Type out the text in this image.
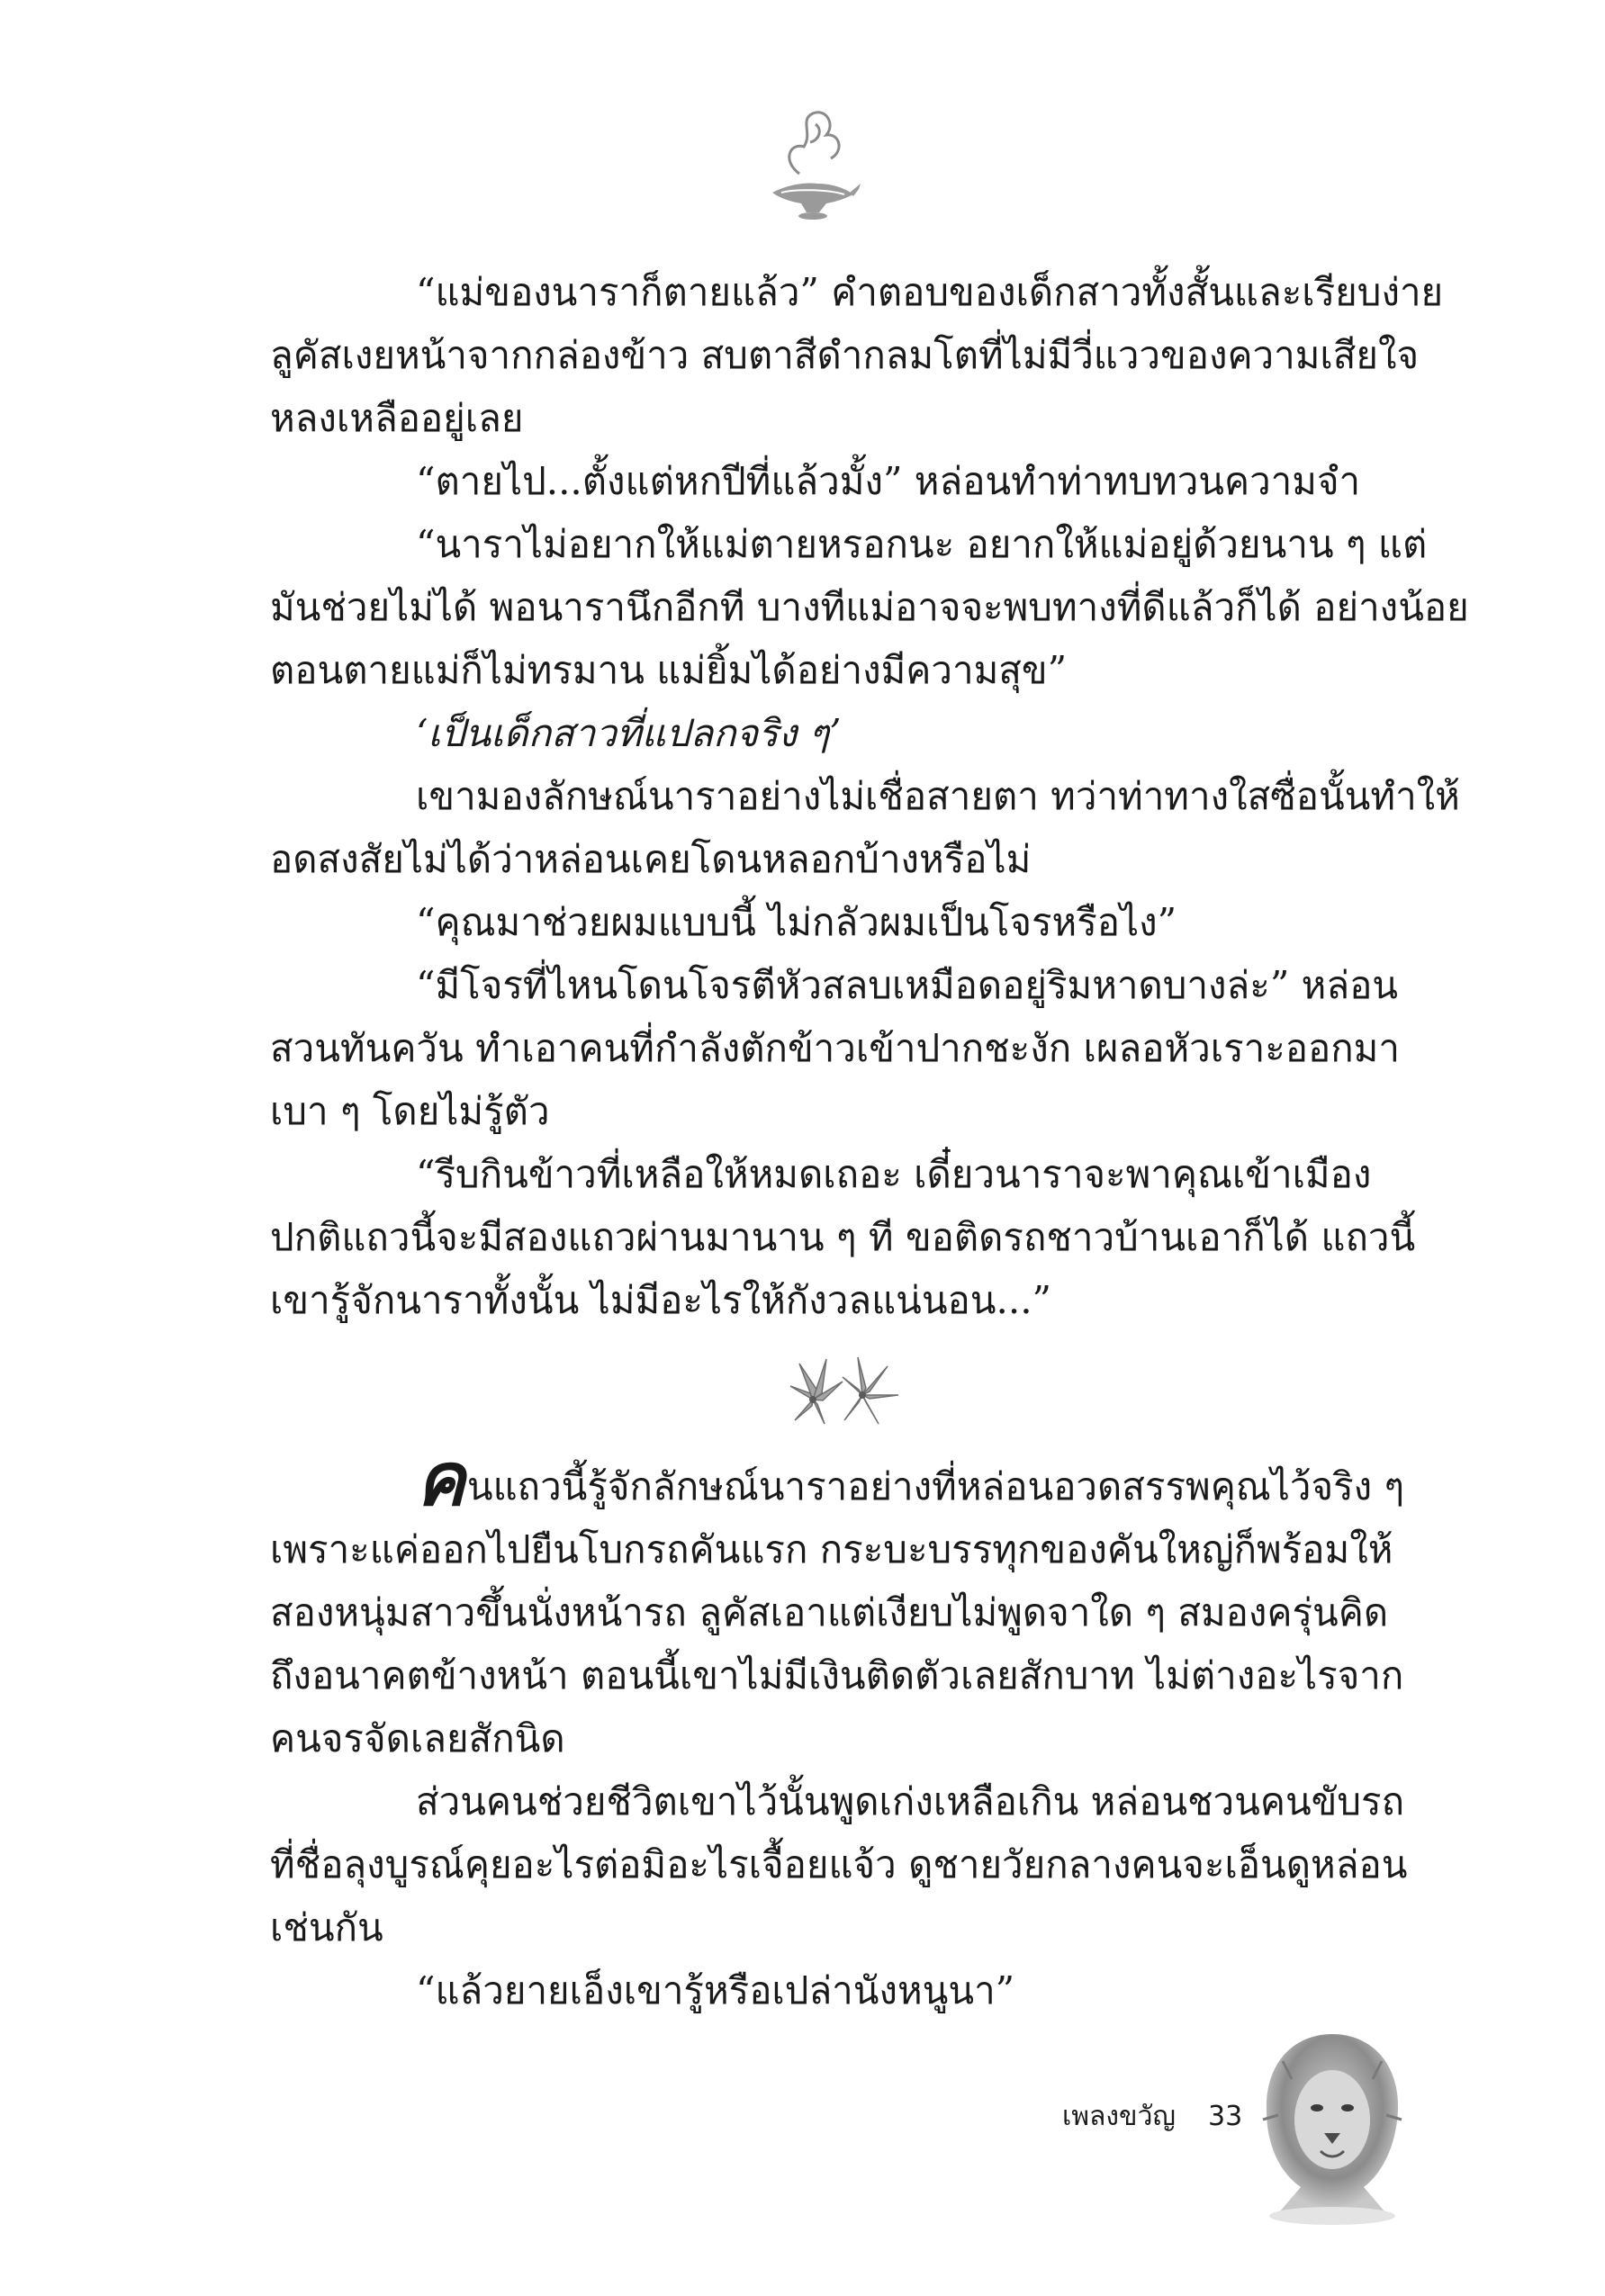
“แม่ของนาราก็ตายแล้ว” คำตอบของเด็กสาวทั้งสั้นและเรียบง่าย

ลูคัสเงยหน้าจากกล่องข้าว สบตาสีดำกลมโตที่ไม่มีวี่แววของความเสียใจ

หลงเหลืออยู่เลย

“ตายไป...ตั้งแต่หกปีที่แล้วมั้ง” หล่อนทำท่าทบทวนความจำ

“นาราไม่อยากให้แม่ตายหรอกนะ อยากให้แม่อยู่ด้วยนาน ๆ แต่

มันช่วยไม่ได้ พอนารานึกอีกที บางทีแม่อาจจะพบทางที่ดีแล้วก็ได้ อย่างน้อย

ตอนตายแม่ก็ไม่ทรมาน แม่ยิ้มได้อย่างมีความสุข”

‘เป็นเด็กสาวที่แปลกจริง ๆ’

เขามองลักษณ์นาราอย่างไม่เชื่อสายตา ทว่าท่าทางใสซื่อนั้นทำให้

อดสงสัยไม่ได้ว่าหล่อนเคยโดนหลอกบ้างหรือไม่

“คุณมาช่วยผมแบบนี้ ไม่กลัวผมเป็นโจรหรือไง”

“มีโจรที่ไหนโดนโจรตีหัวสลบเหมือดอยู่ริมหาดบางล่ะ” หล่อน

สวนทันควัน ทำเอาคนที่กำลังตักข้าวเข้าปากชะงัก เผลอหัวเราะออกมา

เบา ๆ โดยไม่รู้ตัว

“รีบกินข้าวที่เหลือให้หมดเถอะ เดี๋ยวนาราจะพาคุณเข้าเมือง

ปกติแถวนี้จะมีสองแถวผ่านมานาน ๆ ที ขอติดรถชาวบ้านเอาก็ได้ แถวนี้

เขารู้จักนาราทั้งนั้น ไม่มีอะไรให้กังวลแน่นอน...”

คนแถวนี้รู้จักลักษณ์นาราอย่างที่หล่อนอวดสรรพคุณไว้จริง ๆ

เพราะแค่ออกไปยืนโบกรถคันแรก กระบะบรรทุกของคันใหญ่ก็พร้อมให้

สองหนุ่มสาวขึ้นนั่งหน้ารถ ลูคัสเอาแต่เงียบไม่พูดจาใด ๆ สมองครุ่นคิด

ถึงอนาคตข้างหน้า ตอนนี้เขาไม่มีเงินติดตัวเลยสักบาท ไม่ต่างอะไรจาก

คนจรจัดเลยสักนิด

ส่วนคนช่วยชีวิตเขาไว้นั้นพูดเก่งเหลือเกิน หล่อนชวนคนขับรถ

ที่ชื่อลุงบูรณ์คุยอะไรต่อมิอะไรเจื้อยแจ้ว ดูชายวัยกลางคนจะเอ็นดูหล่อน

เช่นกัน

“แล้วยายเอ็งเขารู้หรือเปล่านังหนูนา”

เพลงขวัญ 33
